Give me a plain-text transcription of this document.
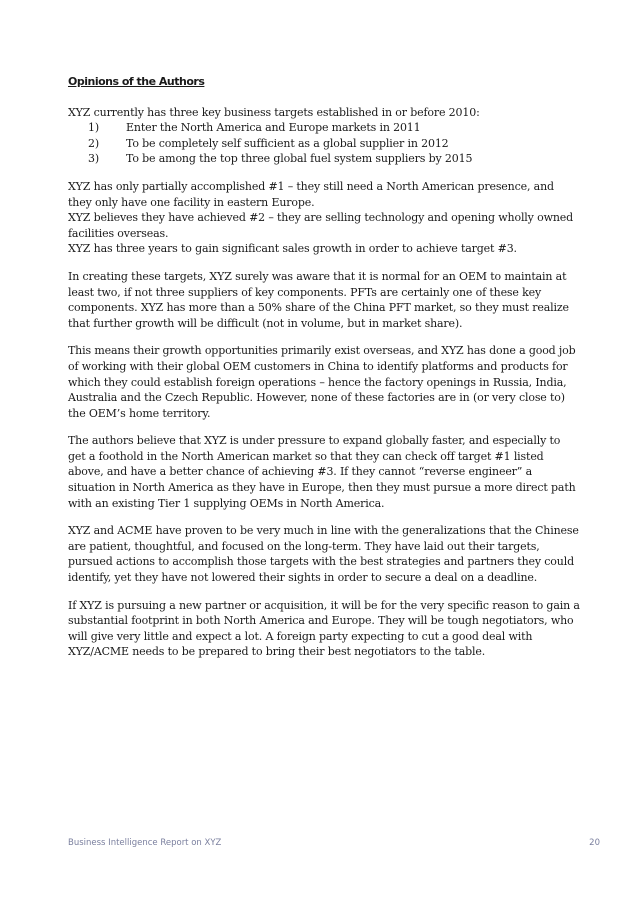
Opinions of the Authors
XYZ currently has three key business targets established in or before 2010:
1)	Enter the North America and Europe markets in 2011
2)	To be completely self sufficient as a global supplier in 2012
3)	To be among the top three global fuel system suppliers by 2015

XYZ has only partially accomplished #1 – they still need a North American presence, and they only have one facility in eastern Europe.

XYZ believes they have achieved #2 – they are selling technology and opening wholly owned facilities overseas.

XYZ has three years to gain significant sales growth in order to achieve target #3.

In creating these targets, XYZ surely was aware that it is normal for an OEM to maintain at least two, if not three suppliers of key components. PFTs are certainly one of these key components. XYZ has more than a 50% share of the China PFT market, so they must realize that further growth will be difficult (not in volume, but in market share).

This means their growth opportunities primarily exist overseas, and XYZ has done a good job of working with their global OEM customers in China to identify platforms and products for which they could establish foreign operations – hence the factory openings in Russia, India, Australia and the Czech Republic. However, none of these factories are in (or very close to) the OEM’s home territory.

The authors believe that XYZ is under pressure to expand globally faster, and especially to get a foothold in the North American market so that they can check off target #1 listed above, and have a better chance of achieving #3. If they cannot “reverse engineer” a situation in North America as they have in Europe, then they must pursue a more direct path with an existing Tier 1 supplying OEMs in North America.

XYZ and ACME have proven to be very much in line with the generalizations that the Chinese are patient, thoughtful, and focused on the long-term. They have laid out their targets, pursued actions to accomplish those targets with the best strategies and partners they could identify, yet they have not lowered their sights in order to secure a deal on a deadline.

If XYZ is pursuing a new partner or acquisition, it will be for the very specific reason to gain a substantial footprint in both North America and Europe. They will be tough negotiators, who will give very little and expect a lot. A foreign party expecting to cut a good deal with XYZ/ACME needs to be prepared to bring their best negotiators to the table.

Business Intelligence Report on XYZ	20
